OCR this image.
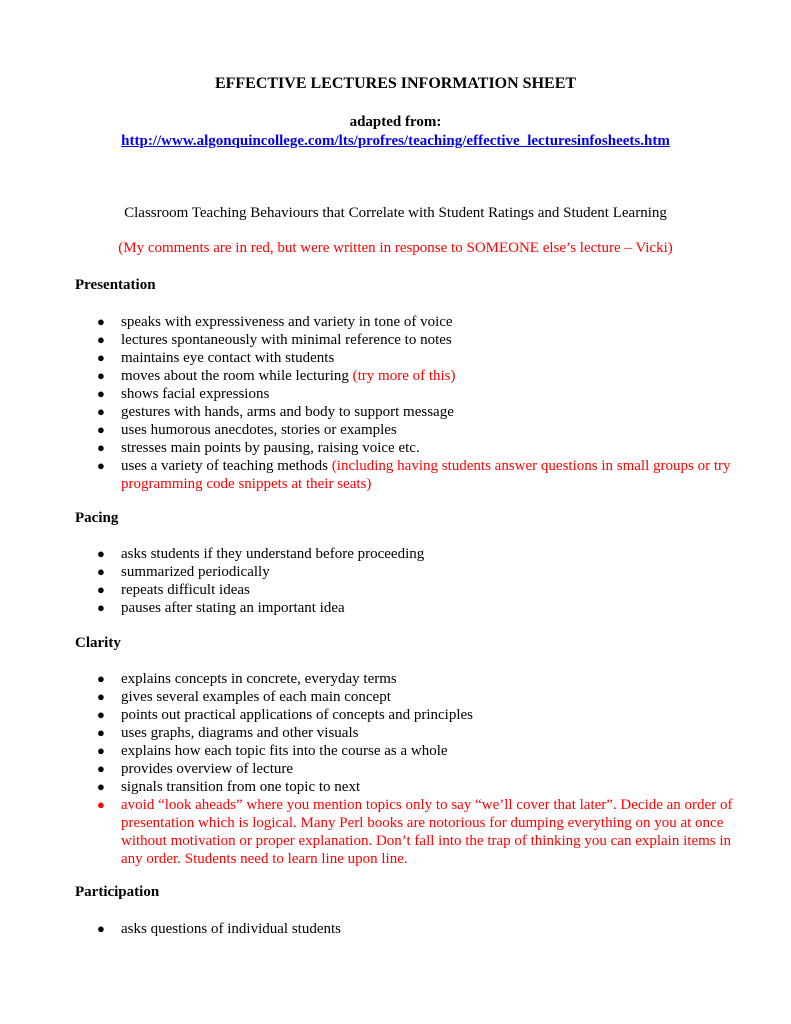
EFFECTIVE LECTURES INFORMATION SHEET
adapted from:
http://www.algonquincollege.com/lts/profres/teaching/effective_lecturesinfosheets.htm
Classroom Teaching Behaviours that Correlate with Student Ratings and Student Learning
(My comments are in red, but were written in response to SOMEONE else’s lecture – Vicki)
Presentation
● speaks with expressiveness and variety in tone of voice
● lectures spontaneously with minimal reference to notes
● maintains eye contact with students
● moves about the room while lecturing (try more of this)
● shows facial expressions
● gestures with hands, arms and body to support message
● uses humorous anecdotes, stories or examples
● stresses main points by pausing, raising voice etc.
● uses a variety of teaching methods (including having students answer questions in small groups or try programming code snippets at their seats)
Pacing
● asks students if they understand before proceeding
● summarized periodically
● repeats difficult ideas
● pauses after stating an important idea
Clarity
● explains concepts in concrete, everyday terms
● gives several examples of each main concept
● points out practical applications of concepts and principles
● uses graphs, diagrams and other visuals
● explains how each topic fits into the course as a whole
● provides overview of lecture
● signals transition from one topic to next
● avoid “look aheads” where you mention topics only to say “we’ll cover that later”. Decide an order of presentation which is logical. Many Perl books are notorious for dumping everything on you at once without motivation or proper explanation. Don’t fall into the trap of thinking you can explain items in any order. Students need to learn line upon line.
Participation
● asks questions of individual students
